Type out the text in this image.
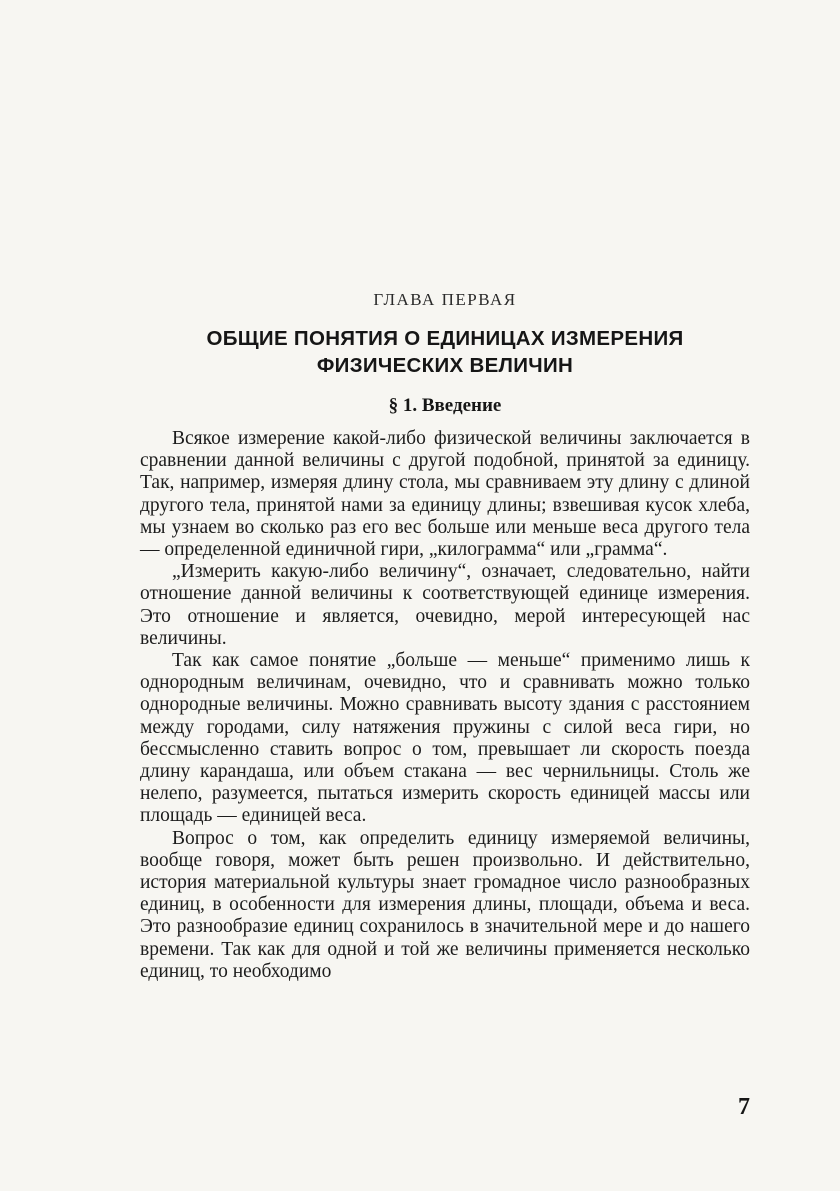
ГЛАВА ПЕРВАЯ
ОБЩИЕ ПОНЯТИЯ О ЕДИНИЦАХ ИЗМЕРЕНИЯ
ФИЗИЧЕСКИХ ВЕЛИЧИН
§ 1. Введение

Всякое измерение какой-либо физической величины заключается в сравнении данной величины с другой подобной, принятой за единицу. Так, например, измеряя длину стола, мы сравниваем эту длину с длиной другого тела, принятой нами за единицу длины; взвешивая кусок хлеба, мы узнаем во сколько раз его вес больше или меньше веса другого тела — определенной единичной гири, „килограмма“ или „грамма“.

„Измерить какую-либо величину“, означает, следовательно, найти отношение данной величины к соответствующей единице измерения. Это отношение и является, очевидно, мерой интересующей нас величины.

Так как самое понятие „больше — меньше“ применимо лишь к однородным величинам, очевидно, что и сравнивать можно только однородные величины. Можно сравнивать высоту здания с расстоянием между городами, силу натяжения пружины с силой веса гири, но бессмысленно ставить вопрос о том, превышает ли скорость поезда длину карандаша, или объем стакана — вес чернильницы. Столь же нелепо, разумеется, пытаться измерить скорость единицей массы или площадь — единицей веса.

Вопрос о том, как определить единицу измеряемой величины, вообще говоря, может быть решен произвольно. И действительно, история материальной культуры знает громадное число разнообразных единиц, в особенности для измерения длины, площади, объема и веса. Это разнообразие единиц сохранилось в значительной мере и до нашего времени. Так как для одной и той же величины применяется несколько единиц, то необходимо

7
